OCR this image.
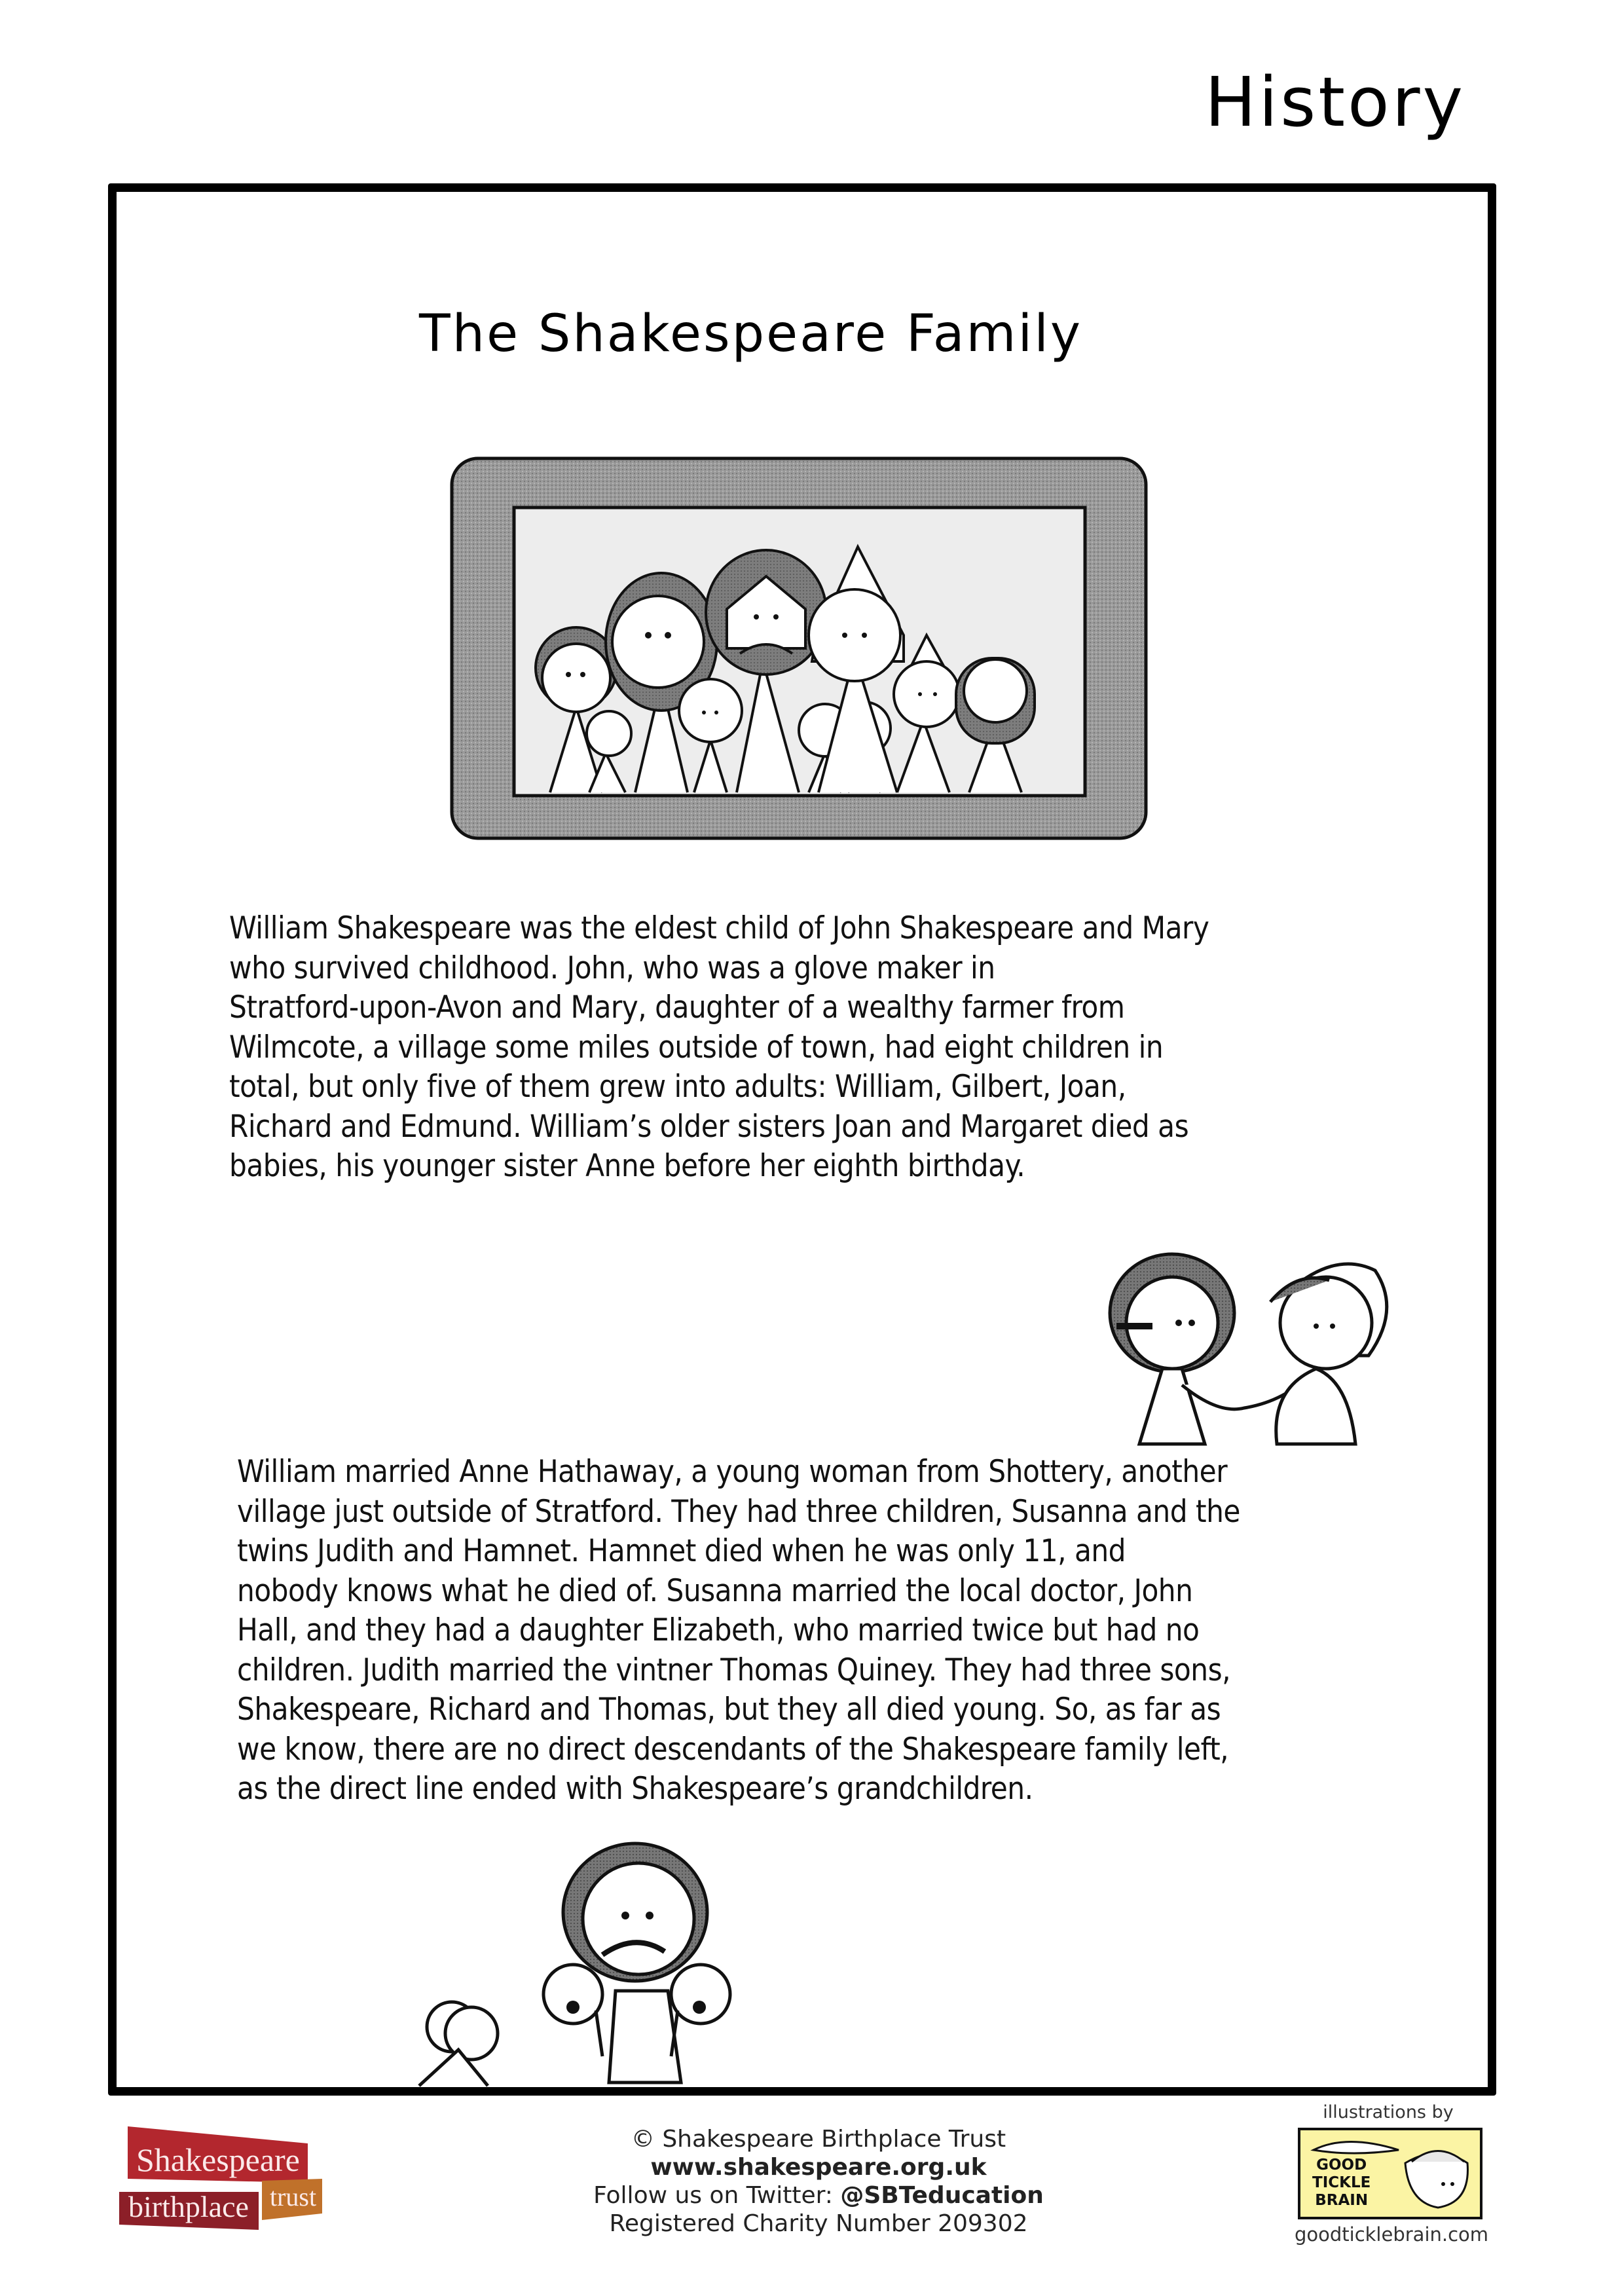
History
The Shakespeare Family
William Shakespeare was the eldest child of John Shakespeare and Mary
who survived childhood. John, who was a glove maker in
Stratford-upon-Avon and Mary, daughter of a wealthy farmer from
Wilmcote, a village some miles outside of town, had eight children in
total, but only five of them grew into adults: William, Gilbert, Joan,
Richard and Edmund. William’s older sisters Joan and Margaret died as
babies, his younger sister Anne before her eighth birthday.
William married Anne Hathaway, a young woman from Shottery, another
village just outside of Stratford. They had three children, Susanna and the
twins Judith and Hamnet. Hamnet died when he was only 11, and
nobody knows what he died of. Susanna married the local doctor, John
Hall, and they had a daughter Elizabeth, who married twice but had no
children. Judith married the vintner Thomas Quiney. They had three sons,
Shakespeare, Richard and Thomas, but they all died young. So, as far as
we know, there are no direct descendants of the Shakespeare family left,
as the direct line ended with Shakespeare’s grandchildren.
Shakespeare
birthplace trust
© Shakespeare Birthplace Trust
www.shakespeare.org.uk
Follow us on Twitter: @SBTeducation
Registered Charity Number 209302
illustrations by
GOOD
TICKLE
BRAIN
goodticklebrain.com
